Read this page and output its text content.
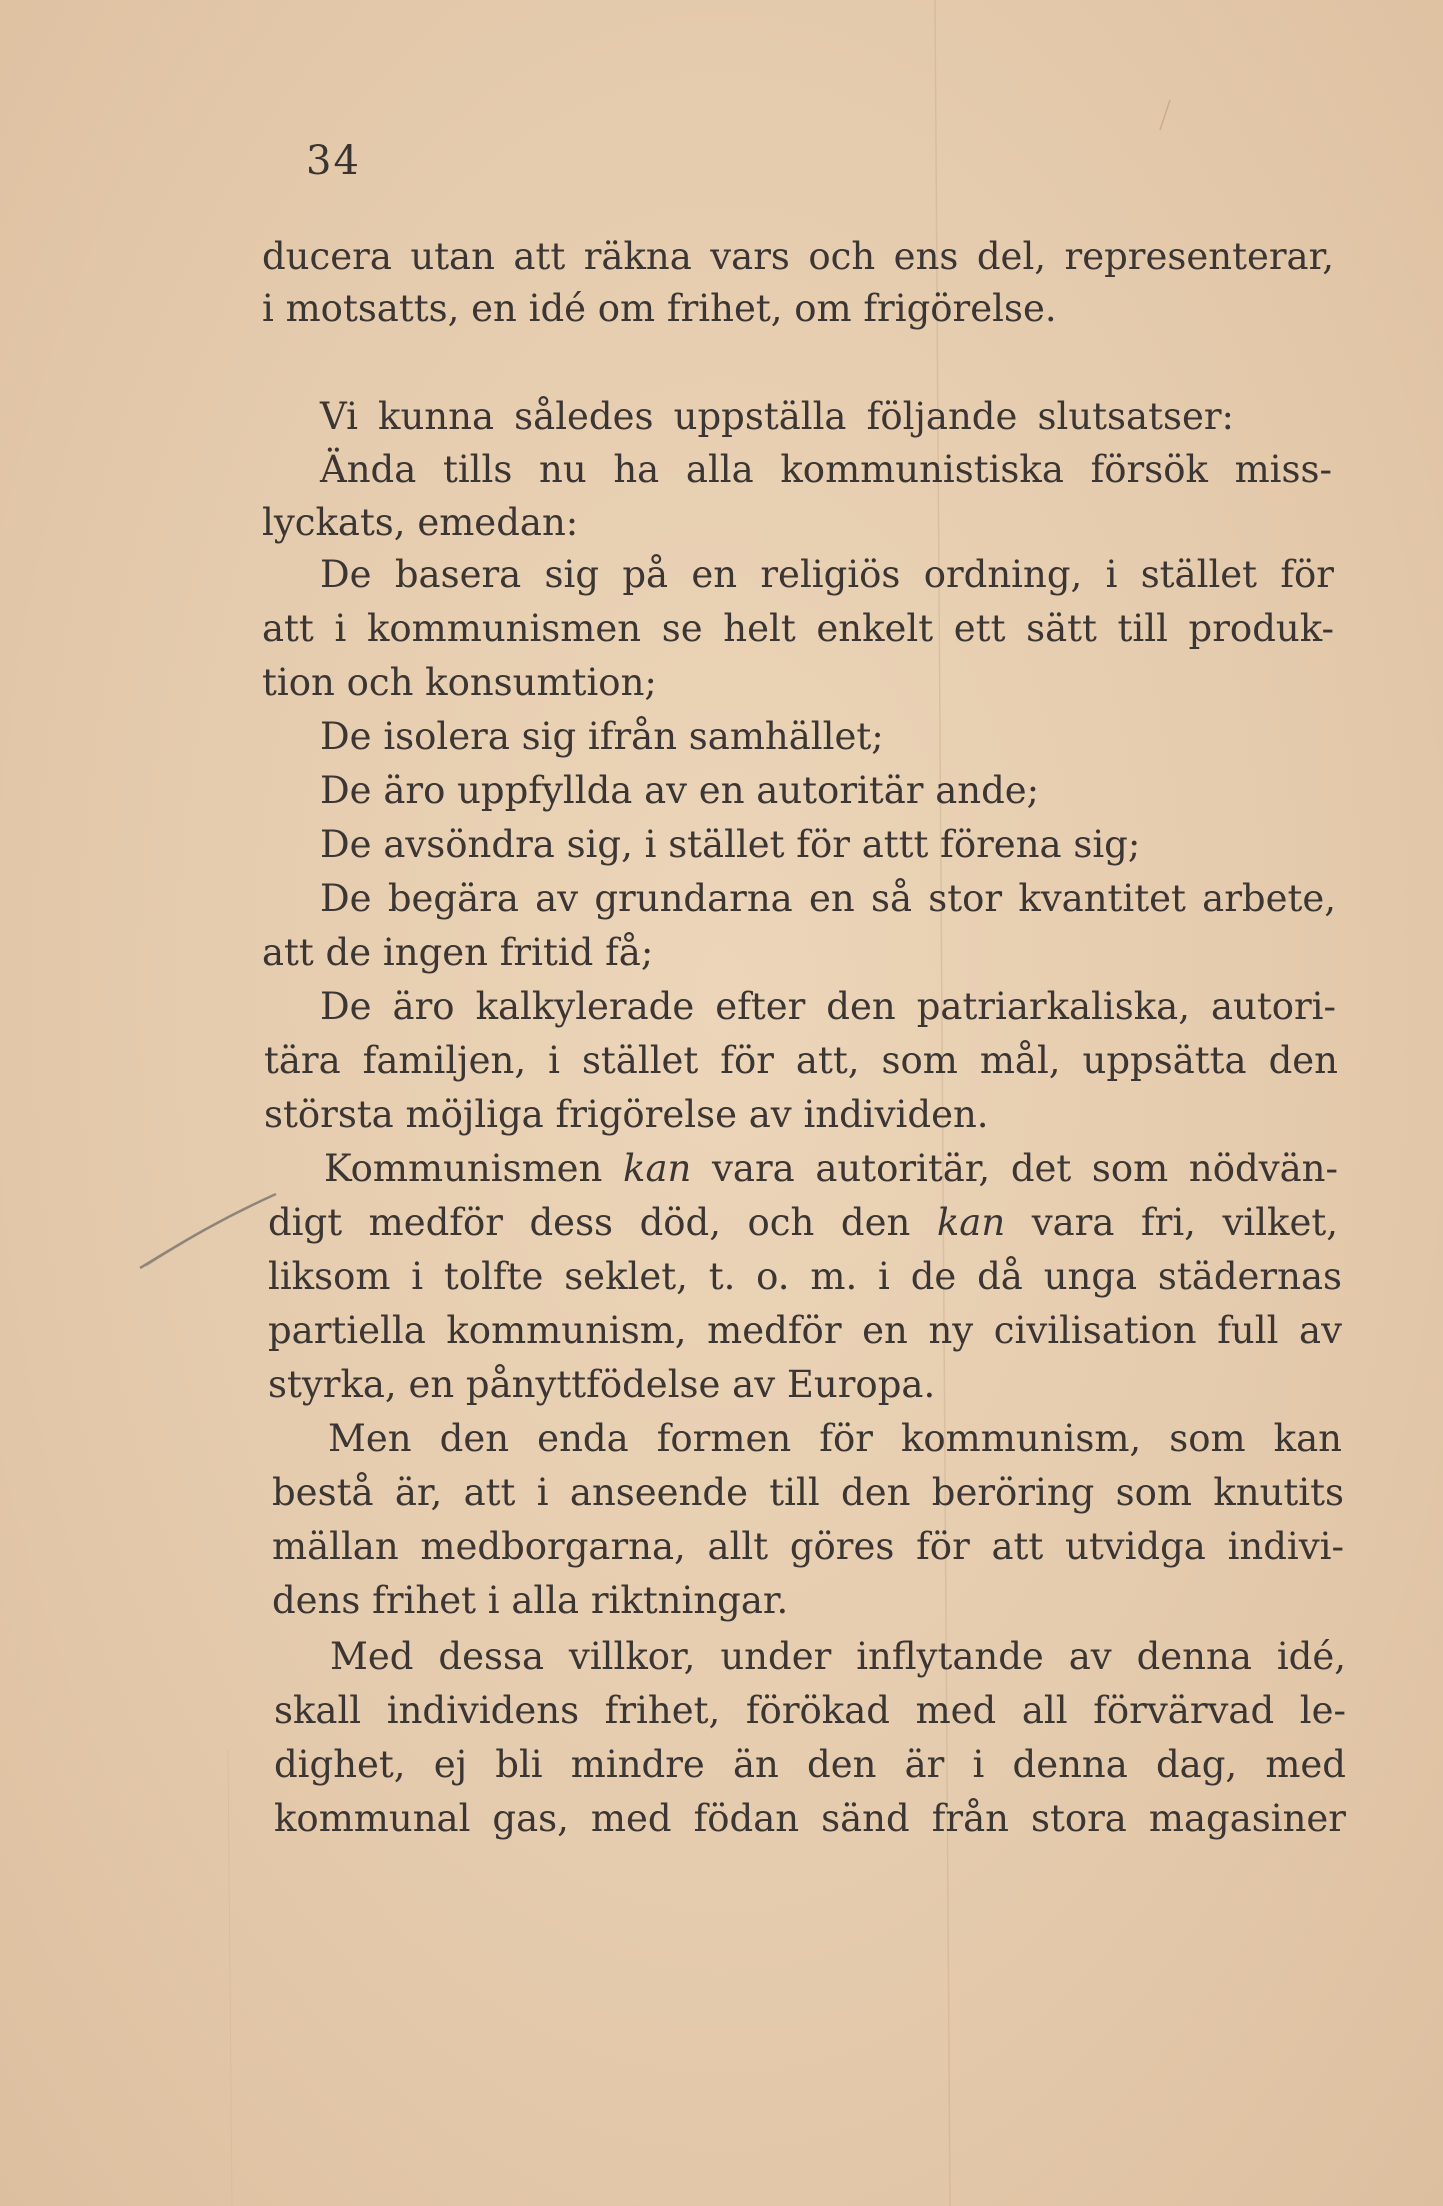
34
ducera utan att räkna vars och ens del, representerar,
i motsatts, en idé om frihet, om frigörelse.
Vi kunna således uppställa följande slutsatser:
Ända tills nu ha alla kommunistiska försök miss-
lyckats, emedan:
De basera sig på en religiös ordning, i stället för
att i kommunismen se helt enkelt ett sätt till produk-
tion och konsumtion;
De isolera sig ifrån samhället;
De äro uppfyllda av en autoritär ande;
De avsöndra sig, i stället för attt förena sig;
De begära av grundarna en så stor kvantitet arbete,
att de ingen fritid få;
De äro kalkylerade efter den patriarkaliska, autori-
tära familjen, i stället för att, som mål, uppsätta den
största möjliga frigörelse av individen.
Kommunismen kan vara autoritär, det som nödvän-
digt medför dess död, och den kan vara fri, vilket,
liksom i tolfte seklet, t. o. m. i de då unga städernas
partiella kommunism, medför en ny civilisation full av
styrka, en pånyttfödelse av Europa.
Men den enda formen för kommunism, som kan
bestå är, att i anseende till den beröring som knutits
mällan medborgarna, allt göres för att utvidga indivi-
dens frihet i alla riktningar.
Med dessa villkor, under inflytande av denna idé,
skall individens frihet, förökad med all förvärvad le-
dighet, ej bli mindre än den är i denna dag, med
kommunal gas, med födan sänd från stora magasiner
